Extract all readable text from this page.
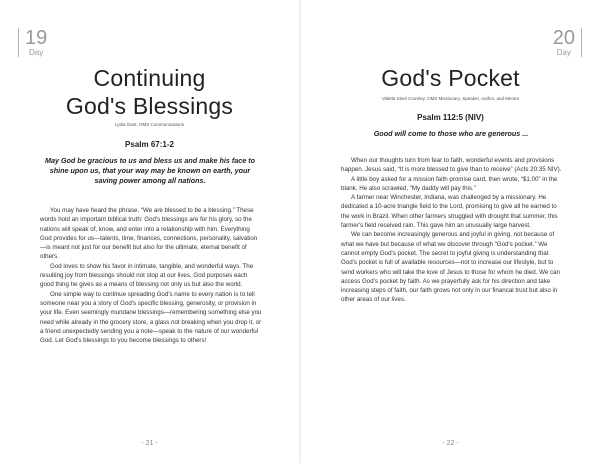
19
Day
Continuing
God's Blessings
Lydia Gant, OMS Communications
Psalm 67:1-2
May God be gracious to us and bless us and make his face to shine upon us, that your way may be known on earth, your saving power among all nations.

You may have heard the phrase, “We are blessed to be a blessing.” These words hold an important biblical truth: God's blessings are for his glory, so the nations will speak of, know, and enter into a relationship with him. Everything God provides for us—talents, time, finances, connections, personality, salvation—is meant not just for our benefit but also for the ultimate, eternal benefit of others.

God loves to show his favor in intimate, tangible, and wonderful ways. The resulting joy from blessings should not stop at our lives. God purposes each good thing he gives as a means of blessing not only us but also the world.

One simple way to continue spreading God's name to every nation is to tell someone near you a story of God's specific blessing, generosity, or provision in your life. Even seemingly mundane blessings—remembering something else you need while already in the grocery store, a glass not breaking when you drop it, or a friend unexpectedly sending you a note—speak to the nature of our wonderful God. Let God's blessings to you become blessings to others!

- 21 -
20
Day
God's Pocket
Valetta Steel Crumley, OMS Missionary, Speaker, Author, and Mentor
Psalm 112:5 (NIV)
Good will come to those who are generous ...

When our thoughts turn from fear to faith, wonderful events and provisions happen. Jesus said, “It is more blessed to give than to receive” (Acts 20:35 NIV).

A little boy asked for a mission faith promise card, then wrote, “$1.00” in the blank. He also scrawled, “My daddy will pay this.”

A farmer near Winchester, Indiana, was challenged by a missionary. He dedicated a 10-acre triangle field to the Lord, promising to give all he earned to the work in Brazil. When other farmers struggled with drought that summer, this farmer's field received rain. This gave him an unusually large harvest.

We can become increasingly generous and joyful in giving, not because of what we have but because of what we discover through “God's pocket.” We cannot empty God's pocket. The secret to joyful giving is understanding that God's pocket is full of available resources—not to increase our lifestyle, but to send workers who will take the love of Jesus to those for whom he died. We can access God's pocket by faith. As we prayerfully ask for his direction and take increasing steps of faith, our faith grows not only in our financal trust but also in other areas of our lives.

- 22 -
